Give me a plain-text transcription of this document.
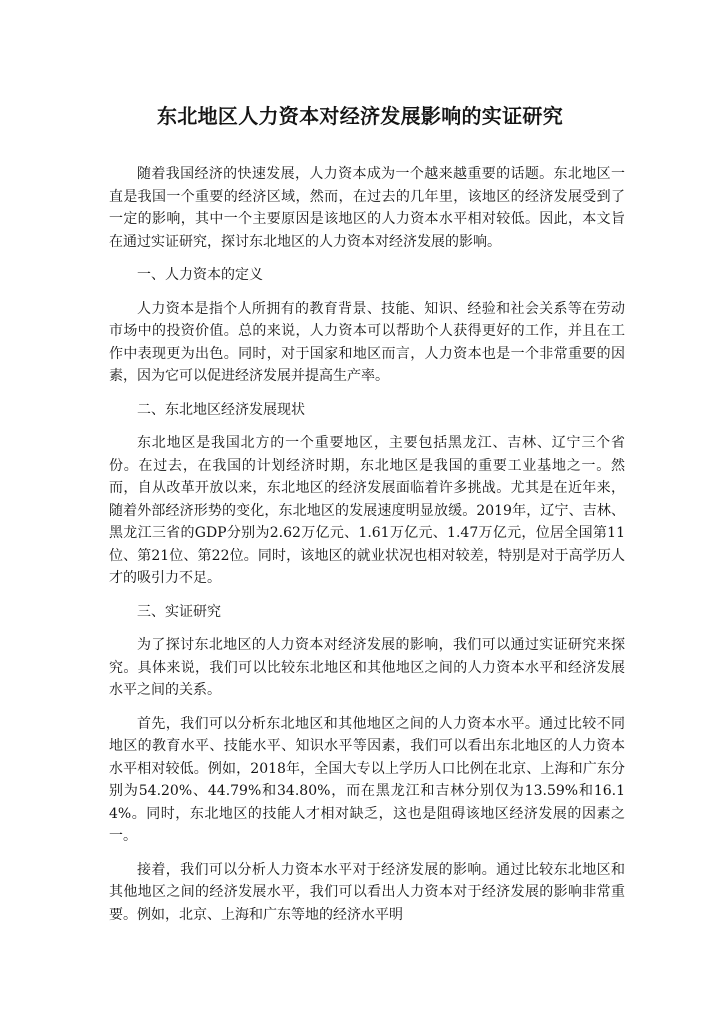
东北地区人力资本对经济发展影响的实证研究

随着我国经济的快速发展，人力资本成为一个越来越重要的话题。东北地区一直是我国一个重要的经济区域，然而，在过去的几年里，该地区的经济发展受到了一定的影响，其中一个主要原因是该地区的人力资本水平相对较低。因此，本文旨在通过实证研究，探讨东北地区的人力资本对经济发展的影响。

一、人力资本的定义

人力资本是指个人所拥有的教育背景、技能、知识、经验和社会关系等在劳动市场中的投资价值。总的来说，人力资本可以帮助个人获得更好的工作，并且在工作中表现更为出色。同时，对于国家和地区而言，人力资本也是一个非常重要的因素，因为它可以促进经济发展并提高生产率。

二、东北地区经济发展现状

东北地区是我国北方的一个重要地区，主要包括黑龙江、吉林、辽宁三个省份。在过去，在我国的计划经济时期，东北地区是我国的重要工业基地之一。然而，自从改革开放以来，东北地区的经济发展面临着许多挑战。尤其是在近年来，随着外部经济形势的变化，东北地区的发展速度明显放缓。2019年，辽宁、吉林、黑龙江三省的GDP分别为2.62万亿元、1.61万亿元、1.47万亿元，位居全国第11位、第21位、第22位。同时，该地区的就业状况也相对较差，特别是对于高学历人才的吸引力不足。

三、实证研究

为了探讨东北地区的人力资本对经济发展的影响，我们可以通过实证研究来探究。具体来说，我们可以比较东北地区和其他地区之间的人力资本水平和经济发展水平之间的关系。

首先，我们可以分析东北地区和其他地区之间的人力资本水平。通过比较不同地区的教育水平、技能水平、知识水平等因素，我们可以看出东北地区的人力资本水平相对较低。例如，2018年，全国大专以上学历人口比例在北京、上海和广东分别为54.20%、44.79%和34.80%，而在黑龙江和吉林分别仅为13.59%和16.14%。同时，东北地区的技能人才相对缺乏，这也是阻碍该地区经济发展的因素之一。

接着，我们可以分析人力资本水平对于经济发展的影响。通过比较东北地区和其他地区之间的经济发展水平，我们可以看出人力资本对于经济发展的影响非常重要。例如，北京、上海和广东等地的经济水平明
